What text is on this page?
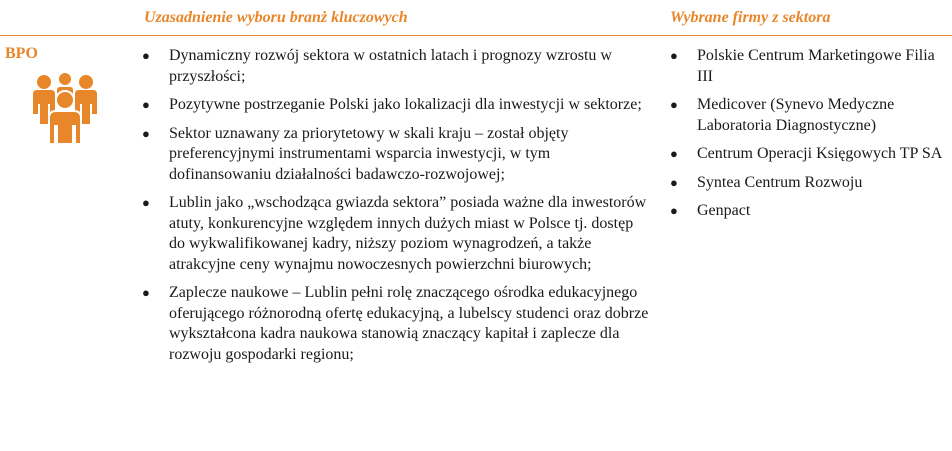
Uzasadnienie wyboru branż kluczowych	Wybrane firmy z sektora
BPO	● Dynamiczny rozwój sektora w ostatnich latach i prognozy wzrostu w przyszłości;
● Pozytywne postrzeganie Polski jako lokalizacji dla inwestycji w sektorze;
● Sektor uznawany za priorytetowy w skali kraju – został objęty preferencyjnymi instrumentami wsparcia inwestycji, w tym dofinansowaniu działalności badawczo-rozwojowej;
● Lublin jako „wschodząca gwiazda sektora” posiada ważne dla inwestorów atuty, konkurencyjne względem innych dużych miast w Polsce tj. dostęp do wykwalifikowanej kadry, niższy poziom wynagrodzeń, a także atrakcyjne ceny wynajmu nowoczesnych powierzchni biurowych;
● Zaplecze naukowe – Lublin pełni rolę znaczącego ośrodka edukacyjnego oferującego różnorodną ofertę edukacyjną, a lubelscy studenci oraz dobrze wykształcona kadra naukowa stanowią znaczący kapitał i zaplecze dla rozwoju gospodarki regionu;
● Polskie Centrum Marketingowe Filia III
● Medicover (Synevo Medyczne Laboratoria Diagnostyczne)
● Centrum Operacji Księgowych TP SA
● Syntea Centrum Rozwoju
● Genpact
